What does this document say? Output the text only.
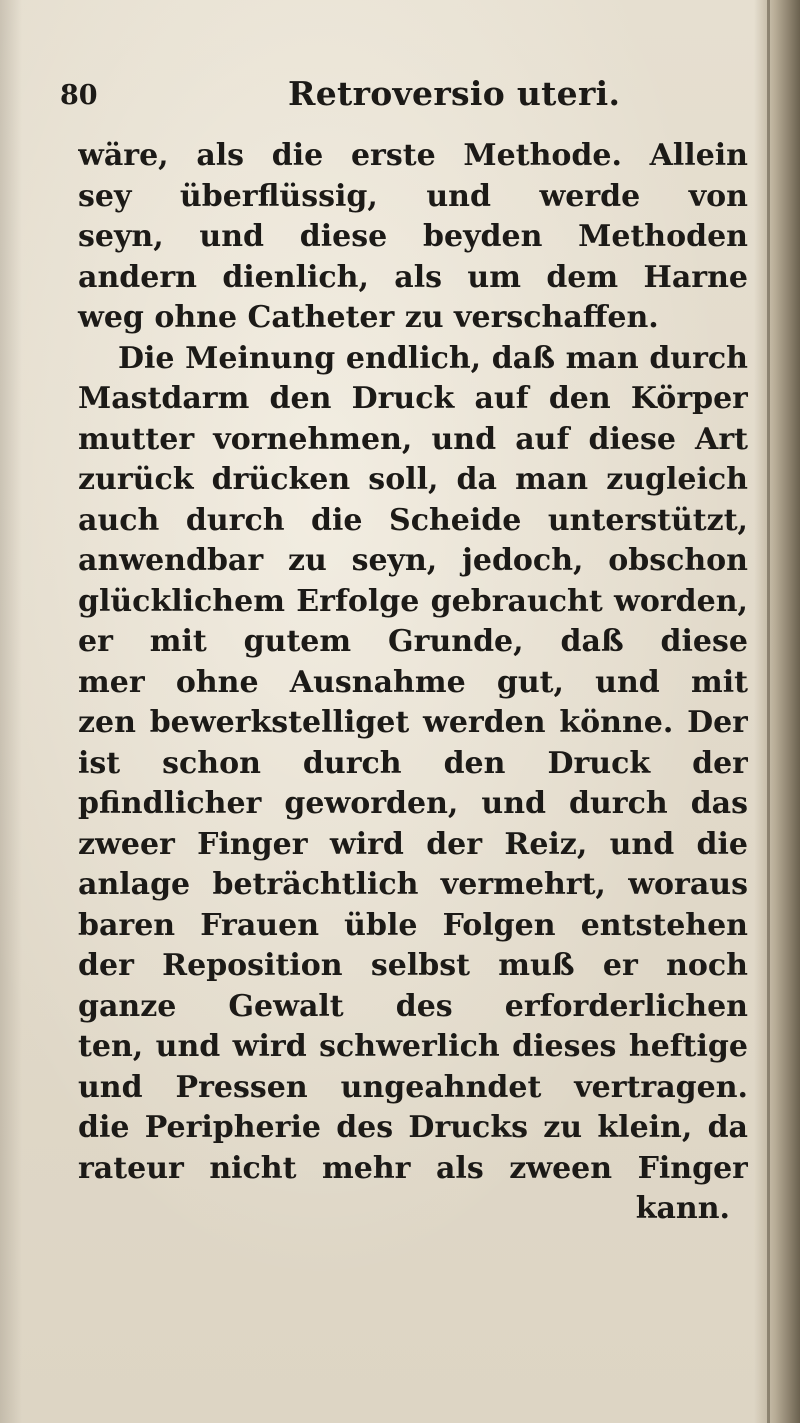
80	Retroversio uteri.
wäre, als die erste Methode. Allein
sey überflüssig, und werde von
seyn, und diese beyden Methoden
andern dienlich, als um dem Harne
weg ohne Catheter zu verschaffen.
Die Meinung endlich, daß man durch
Mastdarm den Druck auf den Körper
mutter vornehmen, und auf diese Art
zurück drücken soll, da man zugleich
auch durch die Scheide unterstützt,
anwendbar zu seyn, jedoch, obschon
glücklichem Erfolge gebraucht worden,
er mit gutem Grunde, daß diese
mer ohne Ausnahme gut, und mit
zen bewerkstelliget werden könne. Der
ist schon durch den Druck der
pfindlicher geworden, und durch das
zweer Finger wird der Reiz, und die
anlage beträchtlich vermehrt, woraus
baren Frauen üble Folgen entstehen
der Reposition selbst muß er noch
ganze Gewalt des erforderlichen
ten, und wird schwerlich dieses heftige
und Pressen ungeahndet vertragen.
die Peripherie des Drucks zu klein, da
rateur nicht mehr als zween Finger
kann.
